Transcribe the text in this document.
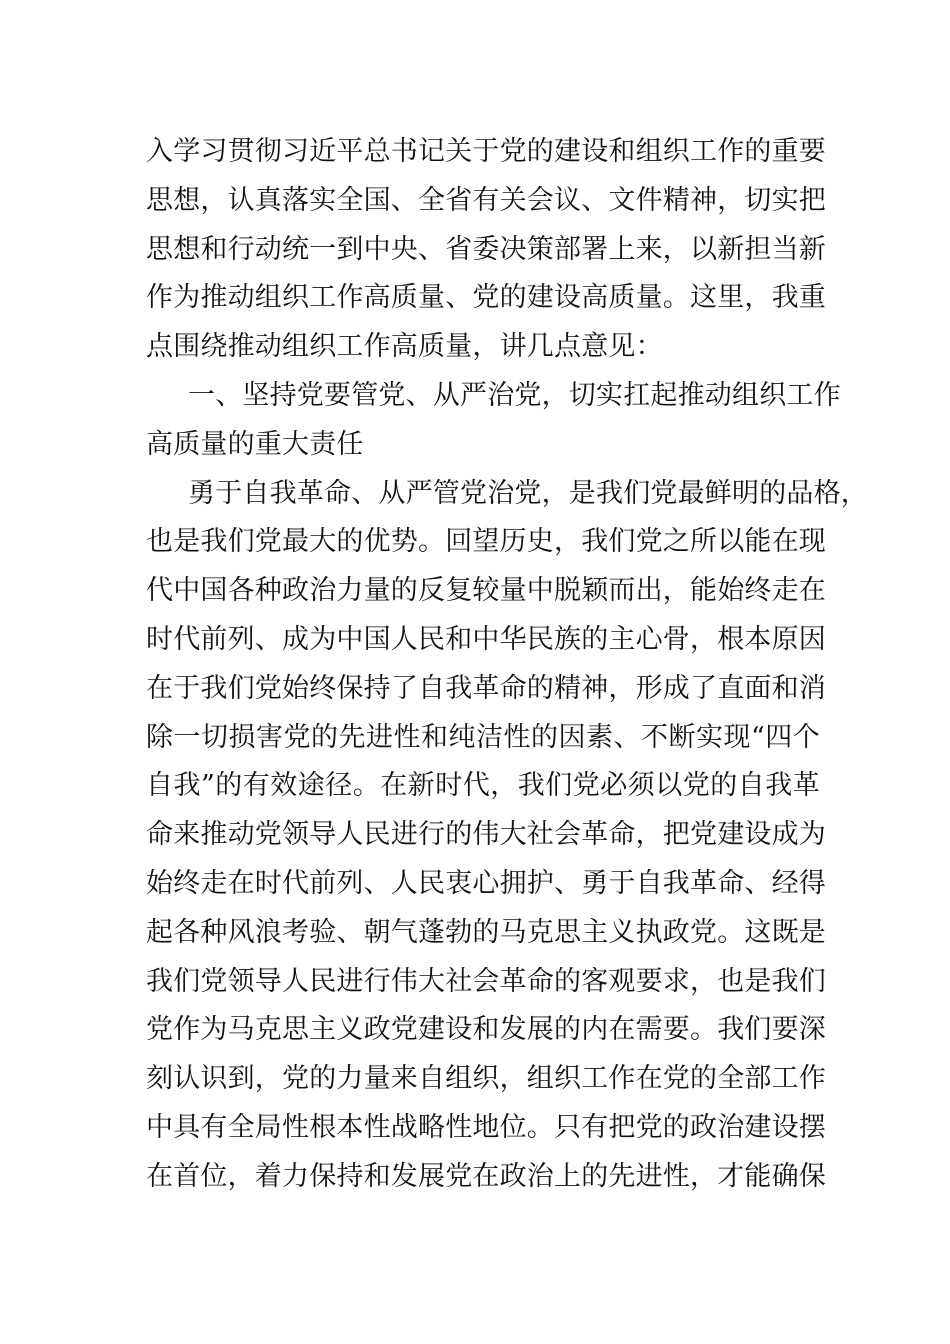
入学习贯彻习近平总书记关于党的建设和组织工作的重要
思想，认真落实全国、全省有关会议、文件精神，切实把
思想和行动统一到中央、省委决策部署上来，以新担当新
作为推动组织工作高质量、党的建设高质量。这里，我重
点围绕推动组织工作高质量，讲几点意见：
一、坚持党要管党、从严治党，切实扛起推动组织工作
高质量的重大责任
勇于自我革命、从严管党治党，是我们党最鲜明的品格，
也是我们党最大的优势。回望历史，我们党之所以能在现
代中国各种政治力量的反复较量中脱颖而出，能始终走在
时代前列、成为中国人民和中华民族的主心骨，根本原因
在于我们党始终保持了自我革命的精神，形成了直面和消
除一切损害党的先进性和纯洁性的因素、不断实现“四个
自我”的有效途径。在新时代，我们党必须以党的自我革
命来推动党领导人民进行的伟大社会革命，把党建设成为
始终走在时代前列、人民衷心拥护、勇于自我革命、经得
起各种风浪考验、朝气蓬勃的马克思主义执政党。这既是
我们党领导人民进行伟大社会革命的客观要求，也是我们
党作为马克思主义政党建设和发展的内在需要。我们要深
刻认识到，党的力量来自组织，组织工作在党的全部工作
中具有全局性根本性战略性地位。只有把党的政治建设摆
在首位，着力保持和发展党在政治上的先进性，才能确保
